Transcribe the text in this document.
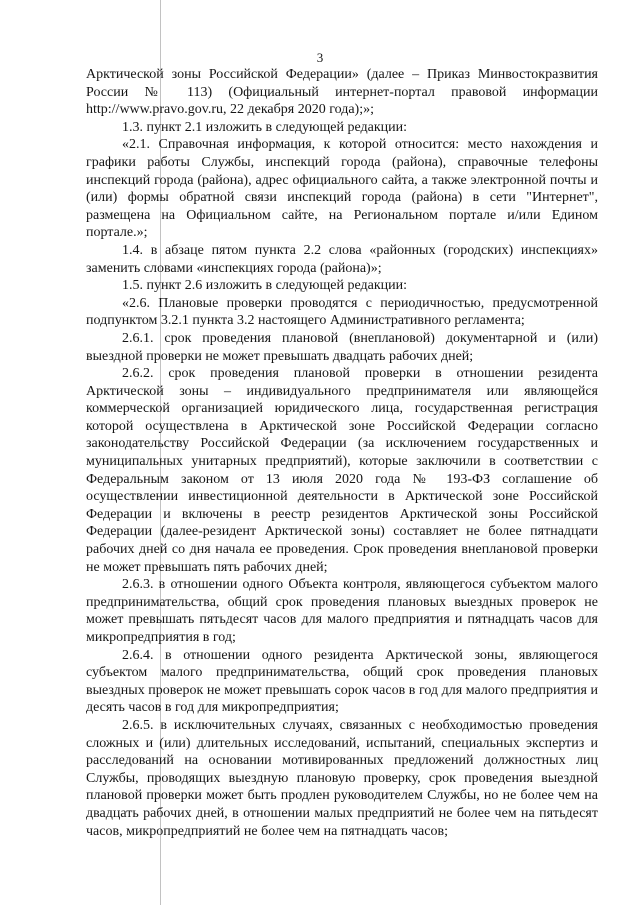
3

Арктической зоны Российской Федерации» (далее – Приказ Минвостокразвития России № 113) (Официальный интернет-портал правовой информации http://www.pravo.gov.ru, 22 декабря 2020 года);»;

1.3. пункт 2.1 изложить в следующей редакции:

«2.1. Справочная информация, к которой относится: место нахождения и графики работы Службы, инспекций города (района), справочные телефоны инспекций города (района), адрес официального сайта, а также электронной почты и (или) формы обратной связи инспекций города (района) в сети "Интернет", размещена на Официальном сайте, на Региональном портале и/или Едином портале.»;

1.4. в абзаце пятом пункта 2.2 слова «районных (городских) инспекциях» заменить словами «инспекциях города (района)»;

1.5. пункт 2.6 изложить в следующей редакции:

«2.6. Плановые проверки проводятся с периодичностью, предусмотренной подпунктом 3.2.1 пункта 3.2 настоящего Административного регламента;

2.6.1. срок проведения плановой (внеплановой) документарной и (или) выездной проверки не может превышать двадцать рабочих дней;

2.6.2. срок проведения плановой проверки в отношении резидента Арктической зоны – индивидуального предпринимателя или являющейся коммерческой организацией юридического лица, государственная регистрация которой осуществлена в Арктической зоне Российской Федерации согласно законодательству Российской Федерации (за исключением государственных и муниципальных унитарных предприятий), которые заключили в соответствии с Федеральным законом от 13 июля 2020 года № 193-ФЗ соглашение об осуществлении инвестиционной деятельности в Арктической зоне Российской Федерации и включены в реестр резидентов Арктической зоны Российской Федерации (далее-резидент Арктической зоны) составляет не более пятнадцати рабочих дней со дня начала ее проведения. Срок проведения внеплановой проверки не может превышать пять рабочих дней;

2.6.3. в отношении одного Объекта контроля, являющегося субъектом малого предпринимательства, общий срок проведения плановых выездных проверок не может превышать пятьдесят часов для малого предприятия и пятнадцать часов для микропредприятия в год;

2.6.4. в отношении одного резидента Арктической зоны, являющегося субъектом малого предпринимательства, общий срок проведения плановых выездных проверок не может превышать сорок часов в год для малого предприятия и десять часов в год для микропредприятия;

2.6.5. в исключительных случаях, связанных с необходимостью проведения сложных и (или) длительных исследований, испытаний, специальных экспертиз и расследований на основании мотивированных предложений должностных лиц Службы, проводящих выездную плановую проверку, срок проведения выездной плановой проверки может быть продлен руководителем Службы, но не более чем на двадцать рабочих дней, в отношении малых предприятий не более чем на пятьдесят часов, микропредприятий не более чем на пятнадцать часов;
